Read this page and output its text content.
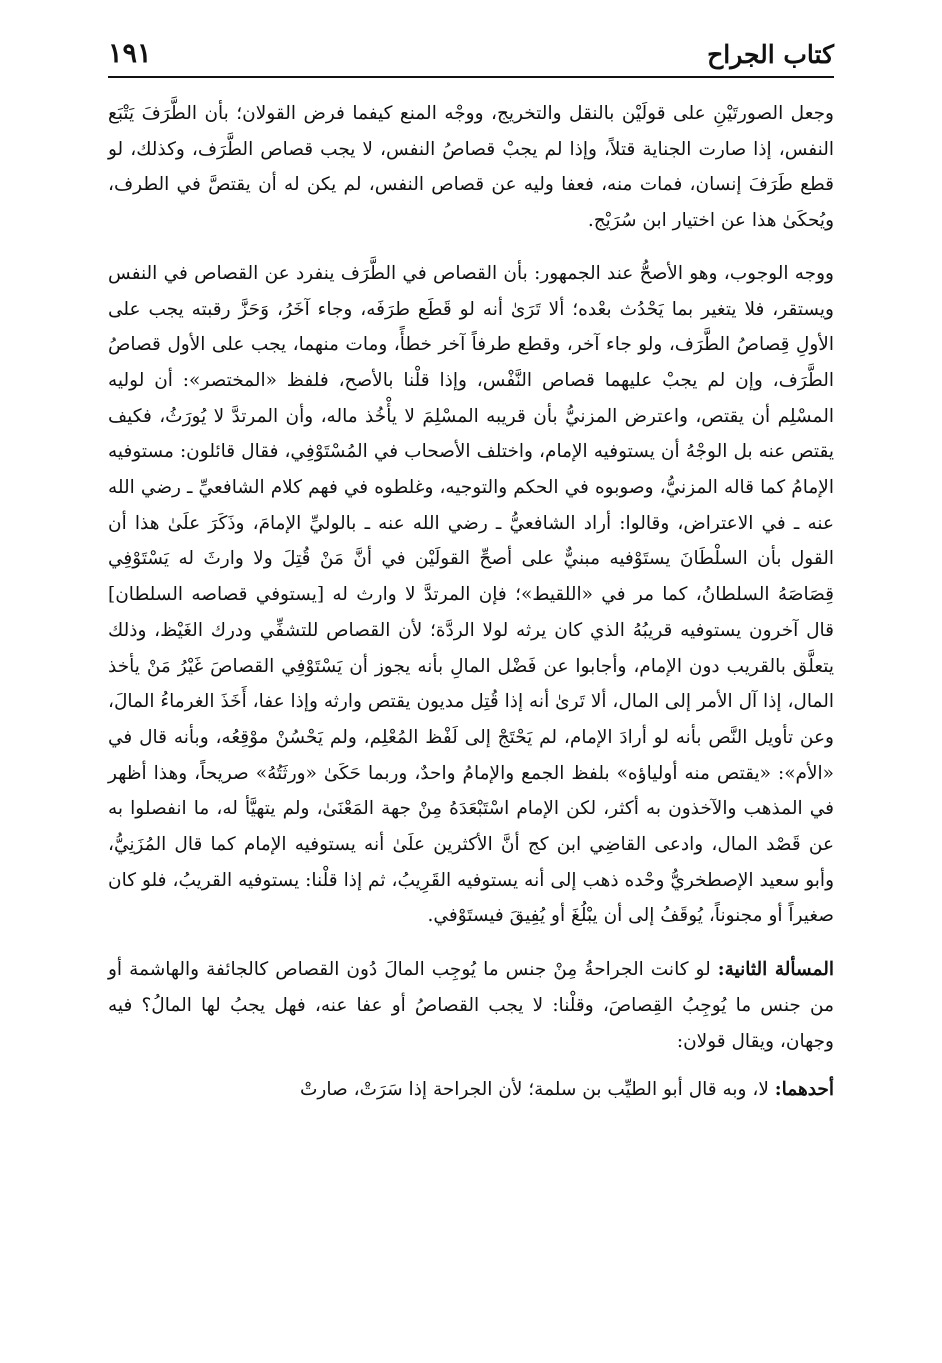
كتاب الجراح
١٩١

وجعل الصورتَيْنِ على قولَيْن بالنقل والتخريج، ووجْه المنع كيفما فرض القولان؛ بأن الطَّرَفَ يَتْبَع النفس، إذا صارت الجناية قتلاً، وإذا لم يجبْ قصاصُ النفس، لا يجب قصاص الطَّرَف، وكذلك، لو قطع طَرَفَ إنسان، فمات منه، فعفا وليه عن قصاص النفس، لم يكن له أن يقتصَّ في الطرف، ويُحكَىٰ هذا عن اختيار ابن سُرَيْج.

ووجه الوجوب، وهو الأصحُّ عند الجمهور: بأن القصاص في الطَّرَف ينفرد عن القصاص في النفس ويستقر، فلا يتغير بما يَحْدُث بعْده؛ ألا تَرَىٰ أنه لو قَطَع طرَفَه، وجاء آخَرُ، وَحَزَّ رقبته يجب على الأولِ قِصاصُ الطَّرَف، ولو جاء آخر، وقطع طرفاً آخر خطأً، ومات منهما، يجب على الأول قصاصُ الطَّرَف، وإن لم يجبْ عليهما قصاص النَّفْس، وإذا قلْنا بالأصح، فلفظ «المختصر»: أن لوليه المسْلِم أن يقتص، واعترض المزنيُّ بأن قريبه المسْلِمَ لا يأْخُذ ماله، وأن المرتدَّ لا يُورَثُ، فكيف يقتص عنه بل الوجْهُ أن يستوفيه الإمام، واختلف الأصحاب في المُسْتَوْفِي، فقال قائلون: مستوفيه الإمامُ كما قاله المزنيُّ، وصوبوه في الحكم والتوجيه، وغلطوه في فهم كلام الشافعيِّ ـ رضي الله عنه ـ في الاعتراض، وقالوا: أراد الشافعيُّ ـ رضي الله عنه ـ بالوليِّ الإمامَ، وذَكَرَ علَىٰ هذا أن القول بأن السلْطَانَ يستَوْفيه مبنيٌّ على أصحِّ القولَيْن في أنَّ مَنْ قُتِلَ ولا وارثَ له يَسْتَوْفِي قِصَاصَهُ السلطانُ، كما مر في «اللقيط»؛ فإن المرتدَّ لا وارث له [يستوفي قصاصه السلطان] قال آخرون يستوفيه قريبُهُ الذي كان يرثه لولا الردَّة؛ لأن القصاص للتشفِّي ودرك الغَيْظ، وذلك يتعلَّق بالقريب دون الإمام، وأجابوا عن فَضْل المالِ بأنه يجوز أن يَسْتَوْفِي القصاصَ غَيْرُ مَنْ يأخذ المال، إذا آل الأمر إلى المال، ألا تَرىٰ أنه إذا قُتِل مديون يقتص وارثه وإذا عفا، أَخَذَ الغرماءُ المالَ، وعن تأويل النَّص بأنه لو أرادَ الإمام، لم يَحْتَجْ إلى لَفْظ المُعْلِم، ولم يَحْسُنْ موْقِعُه، وبأنه قال في «الأم»: «يقتص منه أولياؤه» بلفظ الجمع والإمامُ واحدٌ، وربما حَكَىٰ «ورثَتُهُ» صريحاً، وهذا أظهر في المذهب والآخذون به أكثر، لكن الإمام اسْتَبْعَدَهُ مِنْ جهة المَعْنَىٰ، ولم يتهيَّأ له، ما انفصلوا به عن قَصْد المال، وادعى القاضِي ابن كج أنَّ الأكثرين علَىٰ أنه يستوفيه الإمام كما قال المُزَنِيُّ، وأبو سعيد الإصطخريُّ وحْده ذهب إلى أنه يستوفيه القَرِيبُ، ثم إذا قلْنا: يستوفيه القريبُ، فلو كان صغيراً أو مجنوناً، يُوقَفُ إلى أن يبْلُغَ أو يُفِيقَ فيستَوْفي.

المسألة الثانية: لو كانت الجراحةُ مِنْ جنس ما يُوجِب المالَ دُون القصاص كالجائفة والهاشمة أو من جنس ما يُوجِبُ القِصاصَ، وقلْنا: لا يجب القصاصُ أو عفا عنه، فهل يجبُ لها المالُ؟ فيه وجهان، ويقال قولان:

أحدهما: لا، وبه قال أبو الطيِّب بن سلمة؛ لأن الجراحة إذا سَرَتْ، صارتْ
